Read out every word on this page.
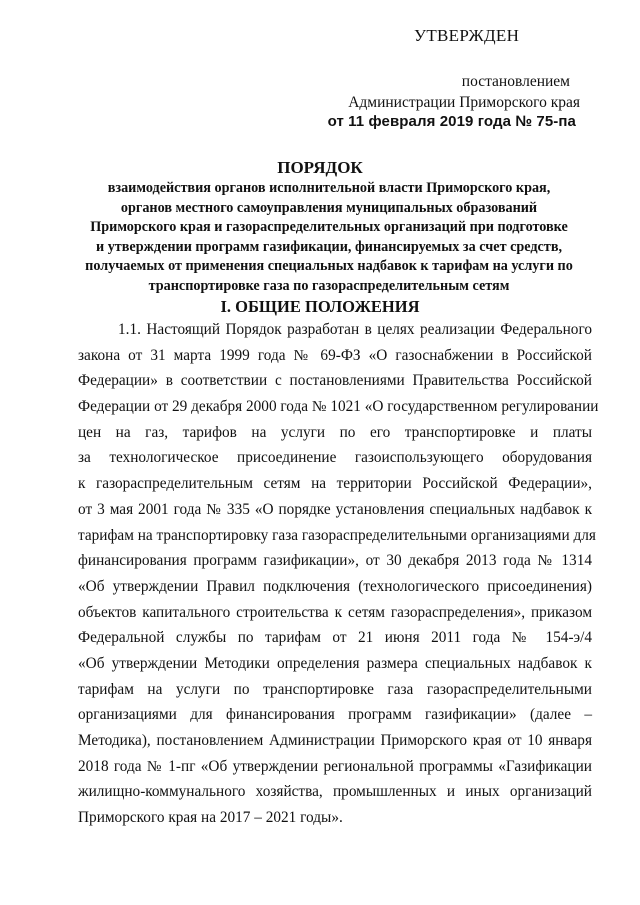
УТВЕРЖДЕН
постановлением
Администрации Приморского края
от 11 февраля 2019 года № 75-па
ПОРЯДОК
взаимодействия органов исполнительной власти Приморского края,
органов местного самоуправления муниципальных образований
Приморского края и газораспределительных организаций при подготовке
и утверждении программ газификации, финансируемых за счет средств,
получаемых от применения специальных надбавок к тарифам на услуги по
транспортировке газа по газораспределительным сетям
I. ОБЩИЕ ПОЛОЖЕНИЯ
1.1. Настоящий Порядок разработан в целях реализации Федерального
закона от 31 марта 1999 года № 69-ФЗ «О газоснабжении в Российской
Федерации» в соответствии с постановлениями Правительства Российской
Федерации от 29 декабря 2000 года № 1021 «О государственном регулировании
цен на газ, тарифов на услуги по его транспортировке и платы
за технологическое присоединение газоиспользующего оборудования
к газораспределительным сетям на территории Российской Федерации»,
от 3 мая 2001 года № 335 «О порядке установления специальных надбавок к
тарифам на транспортировку газа газораспределительными организациями для
финансирования программ газификации», от 30 декабря 2013 года № 1314
«Об утверждении Правил подключения (технологического присоединения)
объектов капитального строительства к сетям газораспределения», приказом
Федеральной службы по тарифам от 21 июня 2011 года № 154-э/4
«Об утверждении Методики определения размера специальных надбавок к
тарифам на услуги по транспортировке газа газораспределительными
организациями для финансирования программ газификации» (далее –
Методика), постановлением Администрации Приморского края от 10 января
2018 года № 1-пг «Об утверждении региональной программы «Газификации
жилищно-коммунального хозяйства, промышленных и иных организаций
Приморского края на 2017 – 2021 годы».
